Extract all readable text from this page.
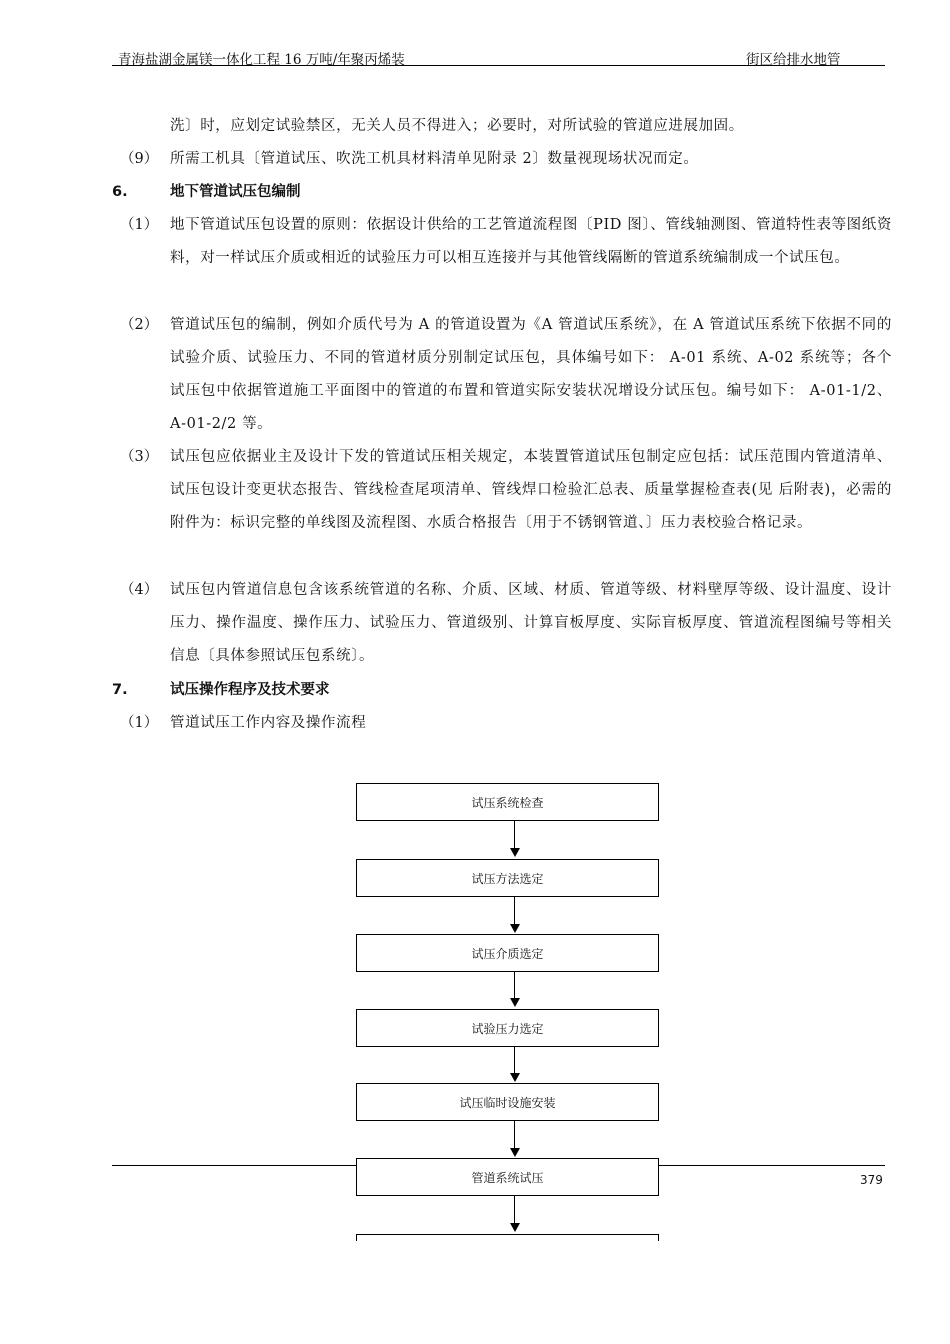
青海盐湖金属镁一体化工程 16 万吨/年聚丙烯装	街区给排水地管
洗〕时，应划定试验禁区，无关人员不得进入；必要时，对所试验的管道应进展加固。
（9） 所需工机具〔管道试压、吹洗工机具材料清单见附录 2〕数量视现场状况而定。
6.	地下管道试压包编制
（1） 地下管道试压包设置的原则：依据设计供给的工艺管道流程图〔PID 图〕、管线轴测图、管道特性表等图纸资料，对一样试压介质或相近的试验压力可以相互连接并与其他管线隔断的管道系统编制成一个试压包。
（2） 管道试压包的编制，例如介质代号为 A 的管道设置为《A 管道试压系统》，在 A 管道试压系统下依据不同的试验介质、试验压力、不同的管道材质分别制定试压包，具体编号如下： A-01 系统、A-02 系统等；各个试压包中依据管道施工平面图中的管道的布置和管道实际安装状况增设分试压包。编号如下： A-01-1/2、A-01-2/2 等。
（3） 试压包应依据业主及设计下发的管道试压相关规定，本装置管道试压包制定应包括：试压范围内管道清单、试压包设计变更状态报告、管线检查尾项清单、管线焊口检验汇总表、质量掌握检查表(见 后附表)，必需的附件为：标识完整的单线图及流程图、水质合格报告〔用于不锈钢管道、〕压力表校验合格记录。
（4） 试压包内管道信息包含该系统管道的名称、介质、区域、材质、管道等级、材料壁厚等级、设计温度、设计压力、操作温度、操作压力、试验压力、管道级别、计算盲板厚度、实际盲板厚度、管道流程图编号等相关信息〔具体参照试压包系统〕。
7.	试压操作程序及技术要求
（1） 管道试压工作内容及操作流程
试压系统检查
试压方法选定
试压介质选定
试验压力选定
试压临时设施安装
379
管道系统试压
